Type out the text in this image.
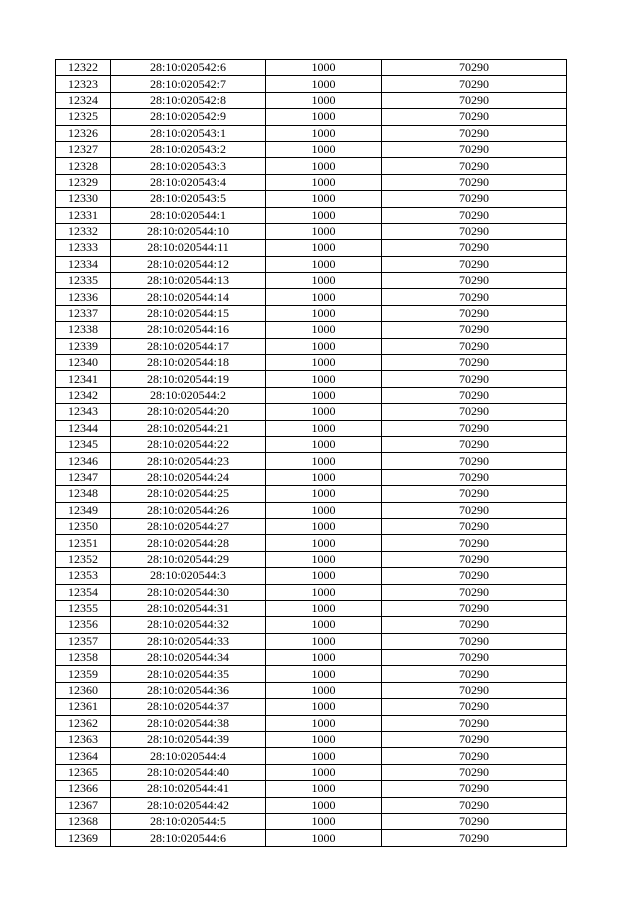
12322	28:10:020542:6	1000	70290
12323	28:10:020542:7	1000	70290
12324	28:10:020542:8	1000	70290
12325	28:10:020542:9	1000	70290
12326	28:10:020543:1	1000	70290
12327	28:10:020543:2	1000	70290
12328	28:10:020543:3	1000	70290
12329	28:10:020543:4	1000	70290
12330	28:10:020543:5	1000	70290
12331	28:10:020544:1	1000	70290
12332	28:10:020544:10	1000	70290
12333	28:10:020544:11	1000	70290
12334	28:10:020544:12	1000	70290
12335	28:10:020544:13	1000	70290
12336	28:10:020544:14	1000	70290
12337	28:10:020544:15	1000	70290
12338	28:10:020544:16	1000	70290
12339	28:10:020544:17	1000	70290
12340	28:10:020544:18	1000	70290
12341	28:10:020544:19	1000	70290
12342	28:10:020544:2	1000	70290
12343	28:10:020544:20	1000	70290
12344	28:10:020544:21	1000	70290
12345	28:10:020544:22	1000	70290
12346	28:10:020544:23	1000	70290
12347	28:10:020544:24	1000	70290
12348	28:10:020544:25	1000	70290
12349	28:10:020544:26	1000	70290
12350	28:10:020544:27	1000	70290
12351	28:10:020544:28	1000	70290
12352	28:10:020544:29	1000	70290
12353	28:10:020544:3	1000	70290
12354	28:10:020544:30	1000	70290
12355	28:10:020544:31	1000	70290
12356	28:10:020544:32	1000	70290
12357	28:10:020544:33	1000	70290
12358	28:10:020544:34	1000	70290
12359	28:10:020544:35	1000	70290
12360	28:10:020544:36	1000	70290
12361	28:10:020544:37	1000	70290
12362	28:10:020544:38	1000	70290
12363	28:10:020544:39	1000	70290
12364	28:10:020544:4	1000	70290
12365	28:10:020544:40	1000	70290
12366	28:10:020544:41	1000	70290
12367	28:10:020544:42	1000	70290
12368	28:10:020544:5	1000	70290
12369	28:10:020544:6	1000	70290
